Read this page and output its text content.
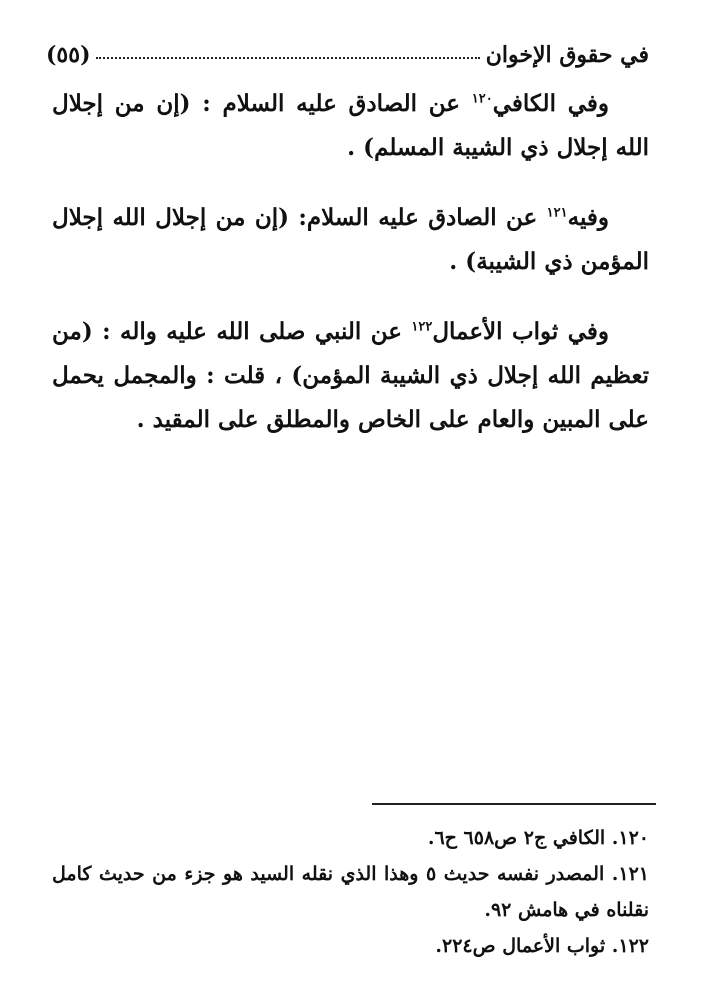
في حقوق الإخوان
(٥٥)

وفي الكافي$^{١٢٠}$ عن الصادق عليه السلام : (إن من إجلال الله إجلال ذي الشيبة المسلم) .

وفيه$^{١٢١}$ عن الصادق عليه السلام: (إن من إجلال الله إجلال المؤمن ذي الشيبة) .

وفي ثواب الأعمال$^{١٢٢}$ عن النبي صلى الله عليه واله : (من تعظيم الله إجلال ذي الشيبة المؤمن) ، قلت : والمجمل يحمل على المبين والعام على الخاص والمطلق على المقيد .

١٢٠. الكافي ج٢ ص٦٥٨ ح٦.

١٢١. المصدر نفسه حديث ٥ وهذا الذي نقله السيد هو جزء من حديث كامل نقلناه في هامش ٩٢.

١٢٢. ثواب الأعمال ص٢٢٤.
